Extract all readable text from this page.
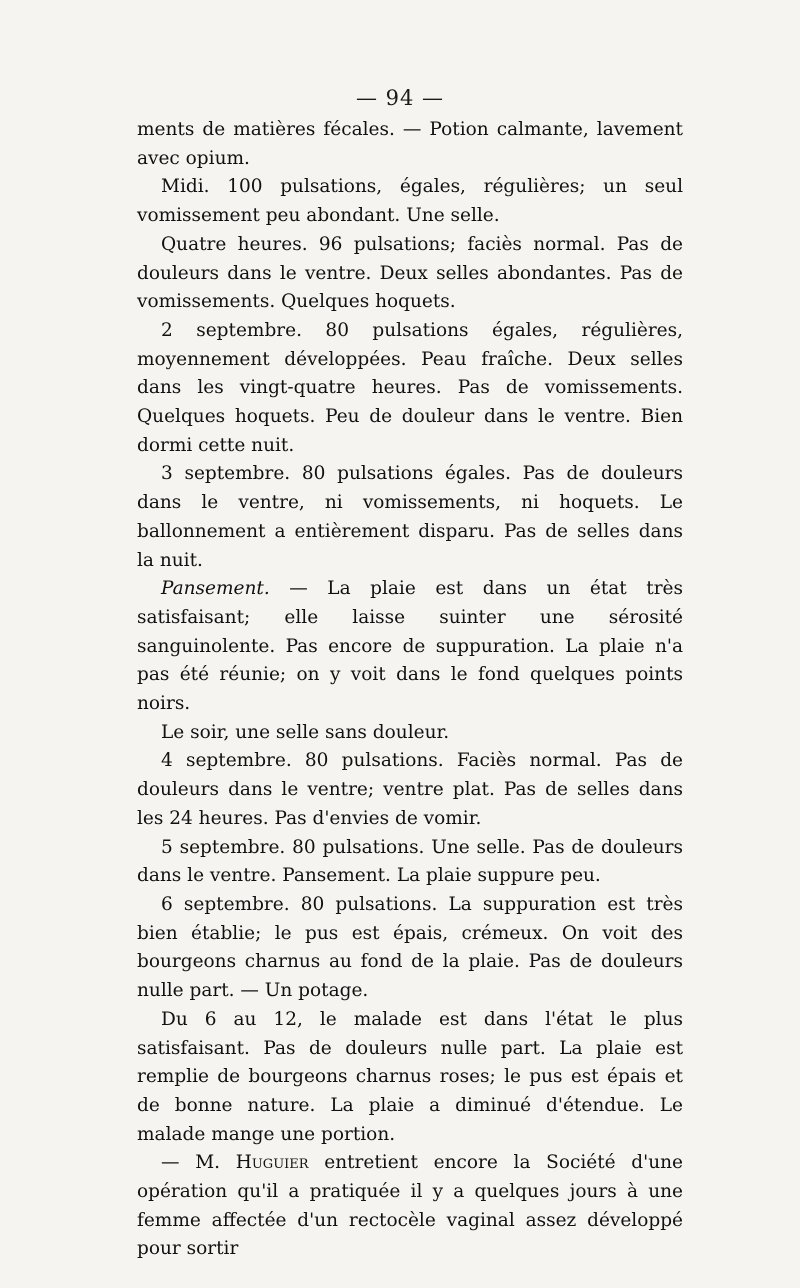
— 94 —

ments de matières fécales. — Potion calmante, lavement avec opium.

Midi. 100 pulsations, égales, régulières; un seul vomissement peu abondant. Une selle.

Quatre heures. 96 pulsations; faciès normal. Pas de douleurs dans le ventre. Deux selles abondantes. Pas de vomissements. Quelques hoquets.

2 septembre. 80 pulsations égales, régulières, moyennement développées. Peau fraîche. Deux selles dans les vingt-quatre heures. Pas de vomissements. Quelques hoquets. Peu de douleur dans le ventre. Bien dormi cette nuit.

3 septembre. 80 pulsations égales. Pas de douleurs dans le ventre, ni vomissements, ni hoquets. Le ballonnement a entièrement disparu. Pas de selles dans la nuit.

Pansement. — La plaie est dans un état très satisfaisant; elle laisse suinter une sérosité sanguinolente. Pas encore de suppuration. La plaie n'a pas été réunie; on y voit dans le fond quelques points noirs.

Le soir, une selle sans douleur.

4 septembre. 80 pulsations. Faciès normal. Pas de douleurs dans le ventre; ventre plat. Pas de selles dans les 24 heures. Pas d'envies de vomir.

5 septembre. 80 pulsations. Une selle. Pas de douleurs dans le ventre. Pansement. La plaie suppure peu.

6 septembre. 80 pulsations. La suppuration est très bien établie; le pus est épais, crémeux. On voit des bourgeons charnus au fond de la plaie. Pas de douleurs nulle part. — Un potage.

Du 6 au 12, le malade est dans l'état le plus satisfaisant. Pas de douleurs nulle part. La plaie est remplie de bourgeons charnus roses; le pus est épais et de bonne nature. La plaie a diminué d'étendue. Le malade mange une portion.

— M. Huguier entretient encore la Société d'une opération qu'il a pratiquée il y a quelques jours à une femme affectée d'un rectocèle vaginal assez développé pour sortir
